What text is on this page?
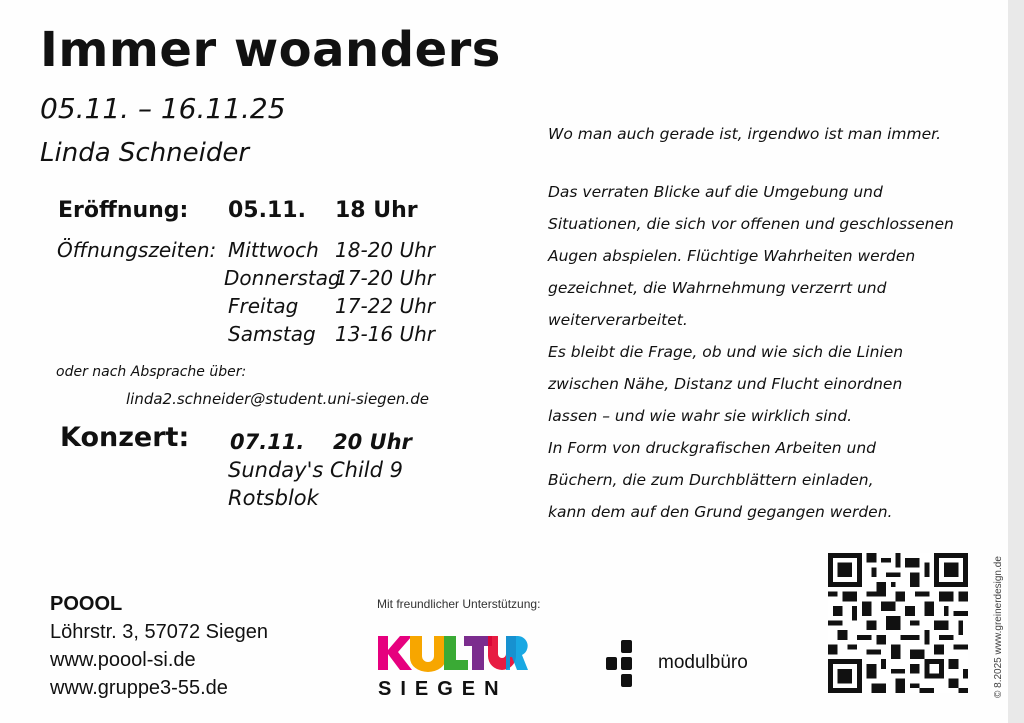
Immer woanders
05.11. – 16.11.25
Linda Schneider
Eröffnung: 05.11. 18 Uhr
Öffnungszeiten: Mittwoch 18-20 Uhr
Donnerstag
17-20 Uhr
Freitag 17-22 Uhr
Samstag 13-16 Uhr
oder nach Absprache über:
linda2.schneider@student.uni-siegen.de
Konzert: 07.11. 20 Uhr
Sunday's Child 9
Rotsblok

Wo man auch gerade ist, irgendwo ist man immer.

Das verraten Blicke auf die Umgebung und

Situationen, die sich vor offenen und geschlossenen

Augen abspielen. Flüchtige Wahrheiten werden

gezeichnet, die Wahrnehmung verzerrt und

weiterverarbeitet.

Es bleibt die Frage, ob und wie sich die Linien

zwischen Nähe, Distanz und Flucht einordnen

lassen – und wie wahr sie wirklich sind.

In Form von druckgrafischen Arbeiten und

Büchern, die zum Durchblättern einladen,

kann dem auf den Grund gegangen werden.

POOOL
Löhrstr. 3, 57072 Siegen
www.poool-si.de
www.gruppe3-55.de
Mit freundlicher Unterstützung:
SIEGEN
modulbüro	© 8.2025 www.greinerdesign.de
